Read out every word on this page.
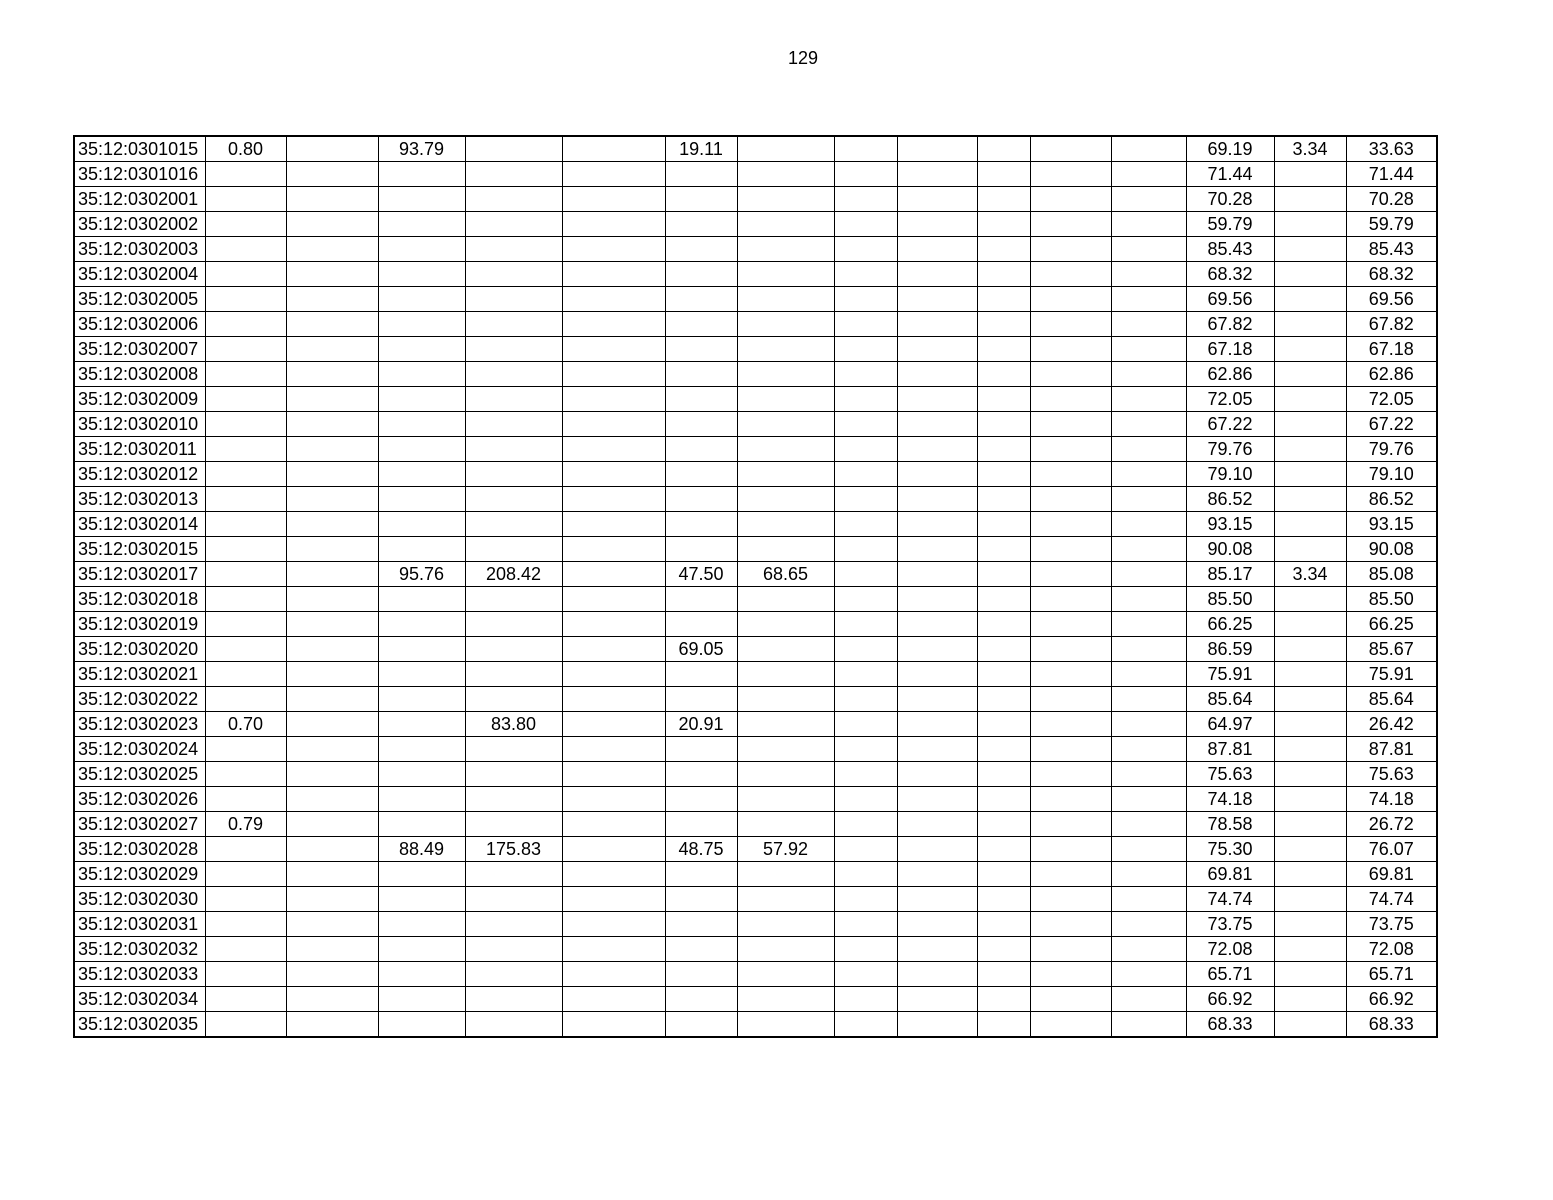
129
35:12:0301015	0.80		93.79			19.11							69.19	3.34	33.63
35:12:0301016													71.44		71.44
35:12:0302001													70.28		70.28
35:12:0302002													59.79		59.79
35:12:0302003													85.43		85.43
35:12:0302004													68.32		68.32
35:12:0302005													69.56		69.56
35:12:0302006													67.82		67.82
35:12:0302007													67.18		67.18
35:12:0302008													62.86		62.86
35:12:0302009													72.05		72.05
35:12:0302010													67.22		67.22
35:12:0302011													79.76		79.76
35:12:0302012													79.10		79.10
35:12:0302013													86.52		86.52
35:12:0302014													93.15		93.15
35:12:0302015													90.08		90.08
35:12:0302017			95.76	208.42		47.50	68.65						85.17	3.34	85.08
35:12:0302018													85.50		85.50
35:12:0302019													66.25		66.25
35:12:0302020						69.05							86.59		85.67
35:12:0302021													75.91		75.91
35:12:0302022													85.64		85.64
35:12:0302023	0.70			83.80		20.91							64.97		26.42
35:12:0302024													87.81		87.81
35:12:0302025													75.63		75.63
35:12:0302026													74.18		74.18
35:12:0302027	0.79												78.58		26.72
35:12:0302028			88.49	175.83		48.75	57.92						75.30		76.07
35:12:0302029													69.81		69.81
35:12:0302030													74.74		74.74
35:12:0302031													73.75		73.75
35:12:0302032													72.08		72.08
35:12:0302033													65.71		65.71
35:12:0302034													66.92		66.92
35:12:0302035													68.33		68.33
